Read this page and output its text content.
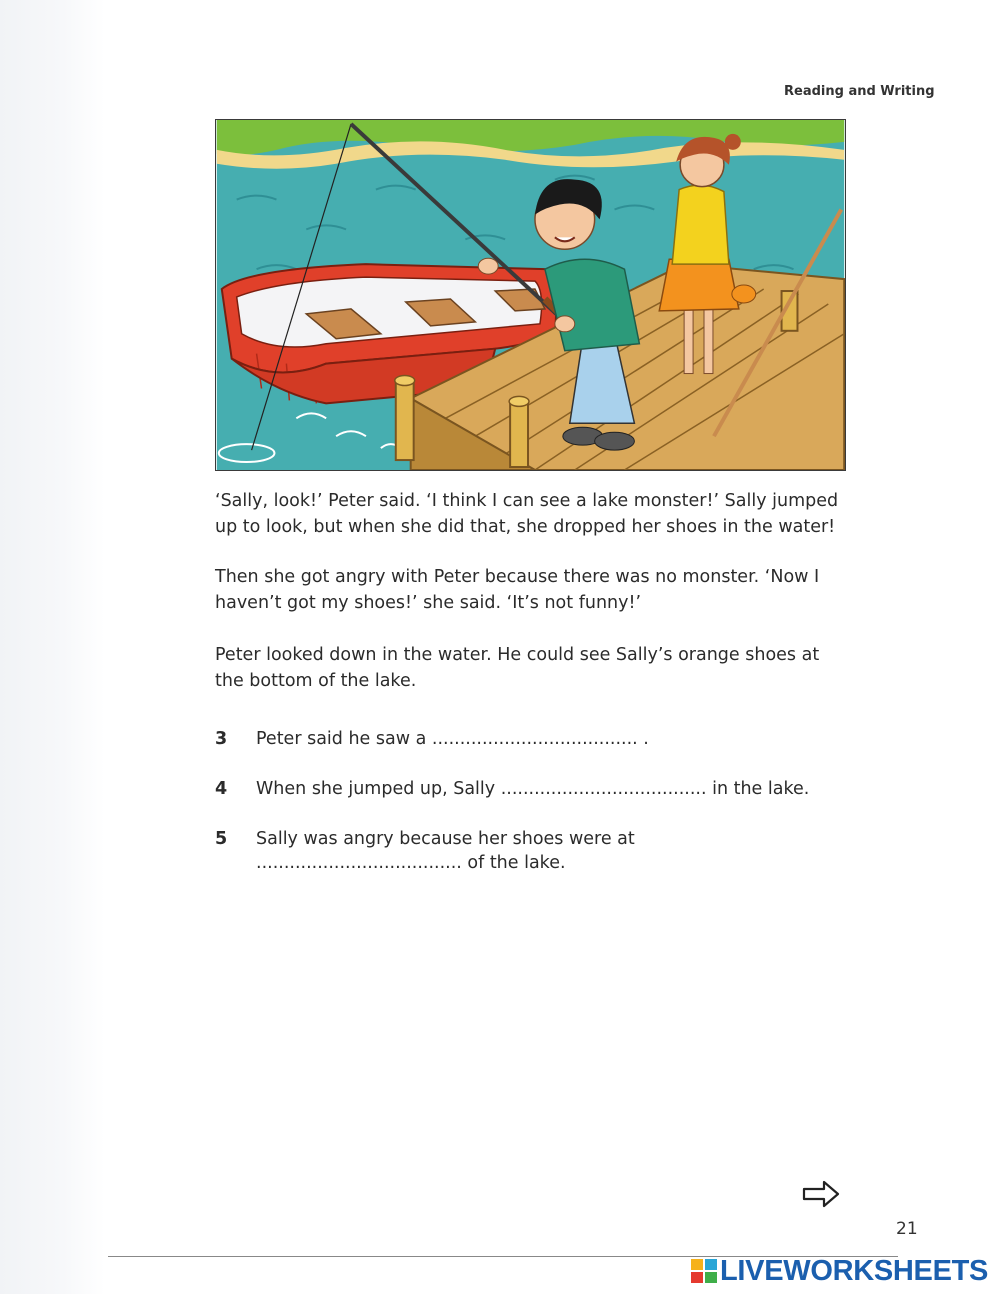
Reading and Writing

‘Sally, look!’ Peter said. ‘I think I can see a lake monster!’ Sally jumped up to look, but when she did that, she dropped her shoes in the water!

Then she got angry with Peter because there was no monster. ‘Now I haven’t got my shoes!’ she said. ‘It’s not funny!’

Peter looked down in the water. He could see Sally’s orange shoes at the bottom of the lake.

3	Peter said he saw a ..................................... .
4	When she jumped up, Sally ..................................... in the lake.
5	Sally was angry because her shoes were at ..................................... of the lake.
21
LIVEWORKSHEETS
